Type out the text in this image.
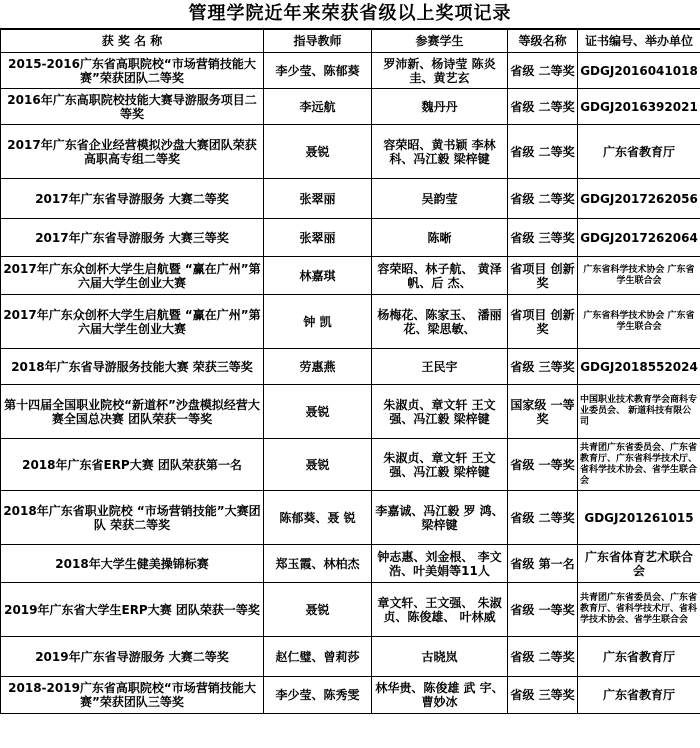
管理学院近年来荣获省级以上奖项记录
获 奖 名 称	指导教师	参赛学生	等级名称	证书编号、举办单位
2015-2016广东省高职院校“市场营销技能大赛”荣获团队二等奖	李少莹、陈郁葵	罗沛新、杨诗莹 陈炎圭、黄艺玄	省级 二等奖	GDGJ2016041018
2016年广东高职院校技能大赛导游服务项目二等奖	李远航	魏丹丹	省级 二等奖	GDGJ2016392021
2017年广东省企业经营模拟沙盘大赛团队荣获高职高专组二等奖	聂锐	容荣昭、黄书颖 李林科、冯江毅 梁梓键	省级 二等奖	广东省教育厅
2017年广东省导游服务 大赛二等奖	张翠丽	吴韵莹	省级 二等奖	GDGJ2017262056
2017年广东省导游服务 大赛三等奖	张翠丽	陈晰	省级 三等奖	GDGJ2017262064
2017年广东众创杯大学生启航暨 “赢在广州”第六届大学生创业大赛	林嘉琪	容荣昭、林子航、 黄泽帆、后 杰、	省项目 创新奖	广东省科学技术协会 广东省学生联合会
2017年广东众创杯大学生启航暨 “赢在广州”第六届大学生创业大赛	钟 凯	杨梅花、陈家玉、 潘丽花、梁思敏、	省项目 创新奖	广东省科学技术协会 广东省学生联合会
2018年广东省导游服务技能大赛 荣获三等奖	劳惠燕	王民宇	省级 三等奖	GDGJ2018552024
第十四届全国职业院校“新道杯”沙盘模拟经营大赛全国总决赛 团队荣获一等奖	聂锐	朱淑贞、章文轩 王文强、冯江毅 梁梓键	国家级 一等奖	中国职业技术教育学会商科专业委员会、 新道科技有限公司
2018年广东省ERP大赛 团队荣获第一名	聂锐	朱淑贞、章文轩 王文强、冯江毅 梁梓键	省级 一等奖	共青团广东省委员会、广东省教育厅、广东省科学技术厅、省科学技术协会、省学生联合会
2018年广东省职业院校 “市场营销技能”大赛团队 荣获二等奖	陈郁葵、聂 锐	李嘉诚、冯江毅 罗 鸿、梁梓键	省级 二等奖	GDGJ201261015
2018年大学生健美操锦标赛	郑玉霞、林柏杰	钟志惠、刘金根、 李文浩、叶美娟等11人	省级 第一名	广东省体育艺术联合会
2019年广东省大学生ERP大赛 团队荣获一等奖	聂锐	章文轩、王文强、 朱淑贞、陈俊雄、 叶林威	省级 一等奖	共青团广东省委员会、广东省教育厅、省科学技术厅、省科学技术协会、省学生联合会
2019年广东省导游服务 大赛二等奖	赵仁璧、曾莉莎	古晓岚	省级 二等奖	广东省教育厅
2018-2019广东省高职院校“市场营销技能大赛”荣获团队三等奖	李少莹、陈秀雯	林华贵、陈俊雄 武 宇、曹妙冰	省级 三等奖	广东省教育厅
